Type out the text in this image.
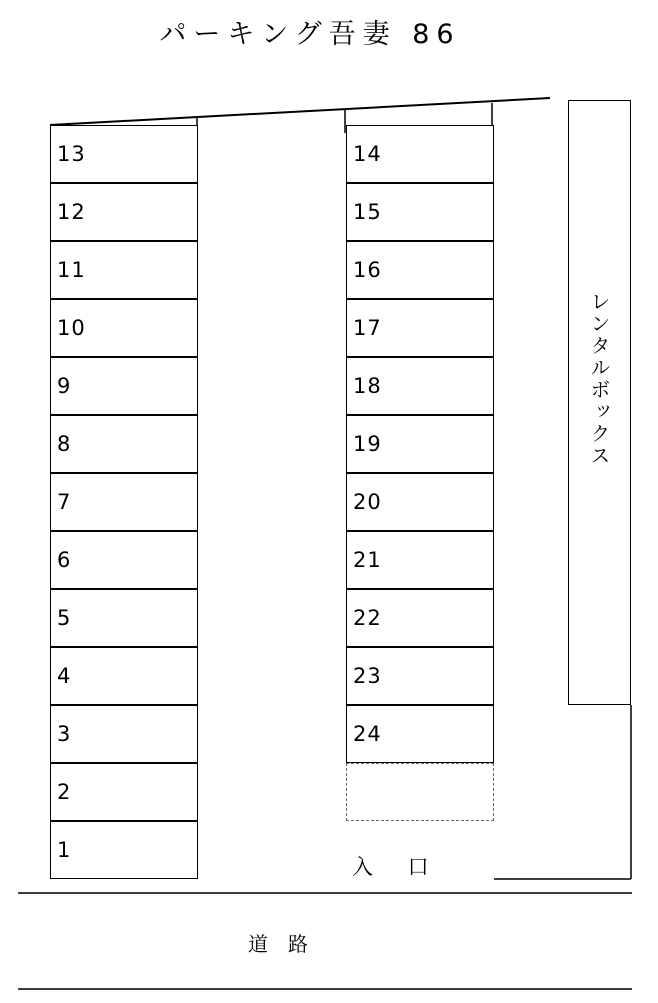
パーキング吾妻 86
13
12
11
10
9
8
7
6
5
4
3
2
1
14
15
16
17
18
19
20
21
22
23
24
レンタルボックス
入 口
道　路
